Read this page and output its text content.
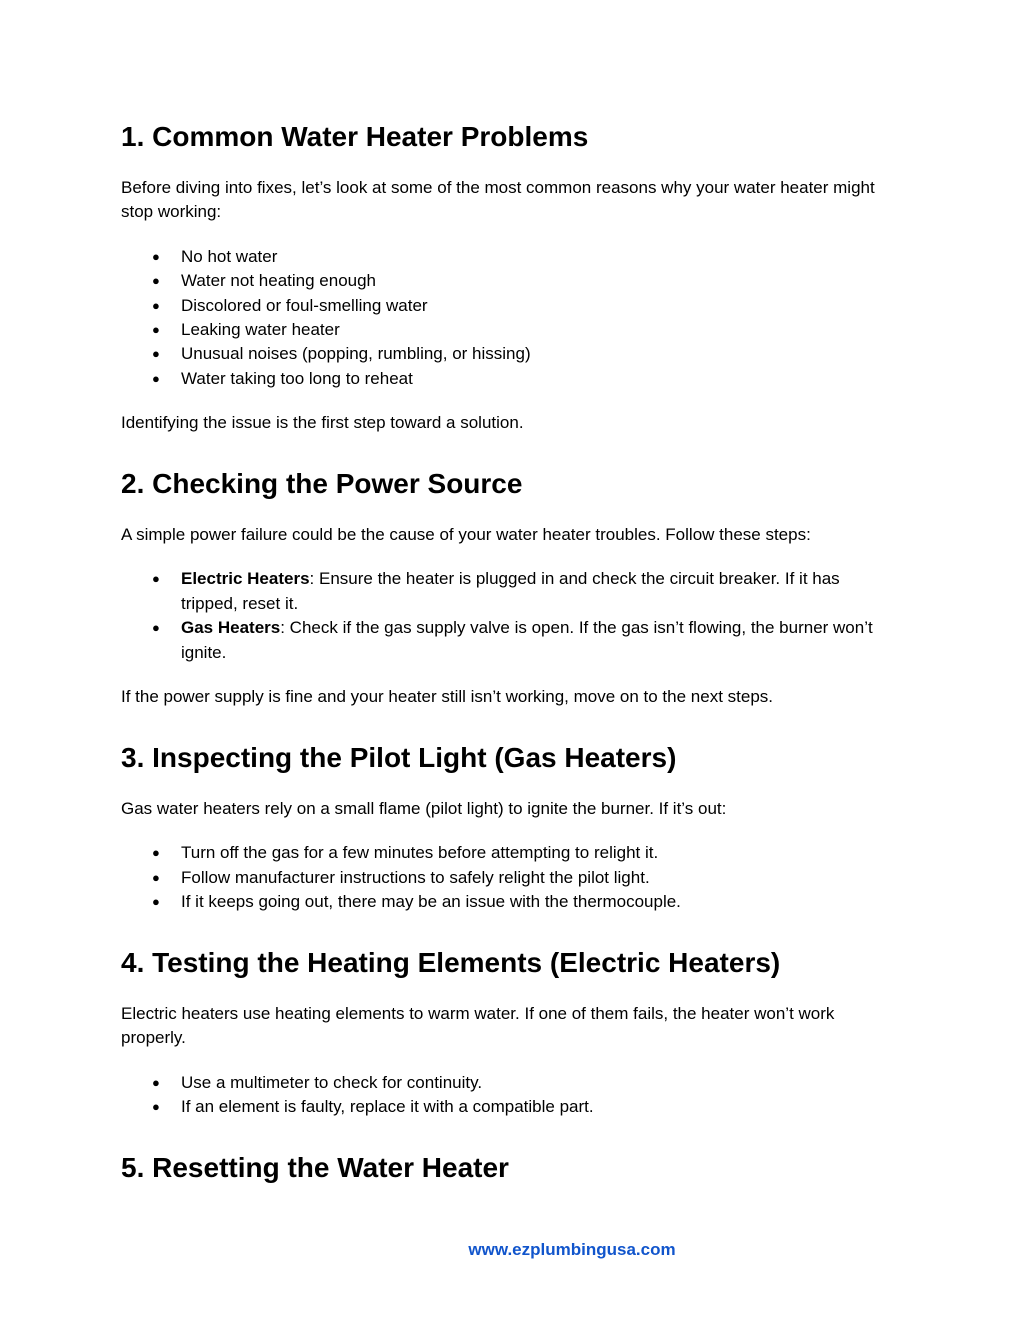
1. Common Water Heater Problems

Before diving into fixes, let’s look at some of the most common reasons why your water heater might stop working:

● No hot water
● Water not heating enough
● Discolored or foul-smelling water
● Leaking water heater
● Unusual noises (popping, rumbling, or hissing)
● Water taking too long to reheat

Identifying the issue is the first step toward a solution.

2. Checking the Power Source

A simple power failure could be the cause of your water heater troubles. Follow these steps:

● Electric Heaters: Ensure the heater is plugged in and check the circuit breaker. If it has tripped, reset it.
● Gas Heaters: Check if the gas supply valve is open. If the gas isn’t flowing, the burner won’t ignite.

If the power supply is fine and your heater still isn’t working, move on to the next steps.

3. Inspecting the Pilot Light (Gas Heaters)

Gas water heaters rely on a small flame (pilot light) to ignite the burner. If it’s out:

● Turn off the gas for a few minutes before attempting to relight it.
● Follow manufacturer instructions to safely relight the pilot light.
● If it keeps going out, there may be an issue with the thermocouple.
4. Testing the Heating Elements (Electric Heaters)

Electric heaters use heating elements to warm water. If one of them fails, the heater won’t work properly.

● Use a multimeter to check for continuity.
● If an element is faulty, replace it with a compatible part.
5. Resetting the Water Heater
www.ezplumbingusa.com
